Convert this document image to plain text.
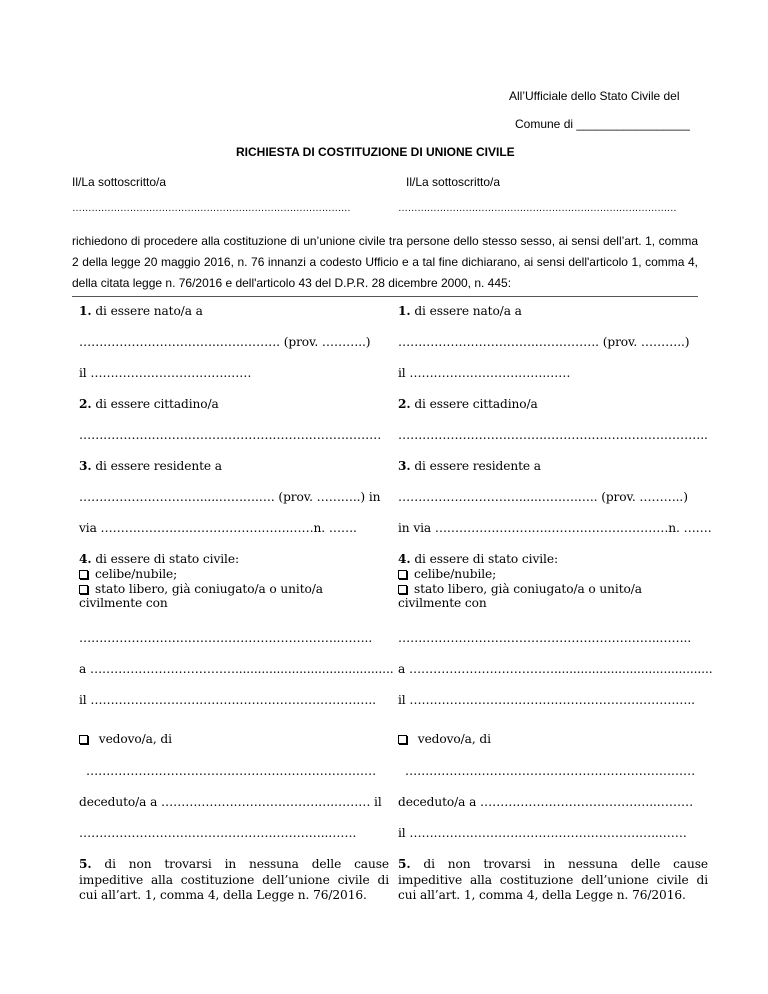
All’Ufficiale dello Stato Civile del
Comune di _________________
RICHIESTA DI COSTITUZIONE DI UNIONE CIVILE
Il/La sottoscritto/a	Il/La sottoscritto/a
……………………………………………………………………………	……………………………………………………………………………
richiedono di procedere alla costituzione di un’unione civile tra persone dello stesso sesso, ai sensi dell’art. 1, comma 2 della legge 20 maggio 2016, n. 76 innanzi a codesto Ufficio e a tal fine dichiarano, ai sensi dell'articolo 1, comma 4, della citata legge n. 76/2016 e dell'articolo 43 del D.P.R. 28 dicembre 2000, n. 445:
1. di essere nato/a a
…………………………….……………. (prov. ………..)
il …………………………….……
2. di essere cittadino/a
…………………………………………………………………
3. di essere residente a
………………………….....……….…. (prov. ………..) in
via ………………….…………………….……n. …….
4. di essere di stato civile:
celibe/nubile;
stato libero, già coniugato/a o unito/a
civilmente con
………………………………………………………..……..
a ………………………………..........................................
il ……………………………………………………………..
vedovo/a, di
………………………………………………………………
deceduto/a a …………………………………….……… il
……………………………………………………..…….
5. di non trovarsi in nessuna delle cause impeditive alla costituzione dell’unione civile di cui all’art. 1, comma 4, della Legge n. 76/2016.
1. di essere nato/a a
…………………………….……………. (prov. ………..)
il …………………………….……
2. di essere cittadino/a
…………………………………………………………………..
3. di essere residente a
………………………….....……….….. (prov. ………..)
in via ……………………….…………………………n. …….
4. di essere di stato civile:
celibe/nubile;
stato libero, già coniugato/a o unito/a
civilmente con
………………………………………………………..……..
a ………………………………..........................................
il ……………………………………………………………..
vedovo/a, di
………………………………………………………………
deceduto/a a ……………………………………..………
il ……………………………………………………..…….
5. di non trovarsi in nessuna delle cause impeditive alla costituzione dell’unione civile di cui all’art. 1, comma 4, della Legge n. 76/2016.
